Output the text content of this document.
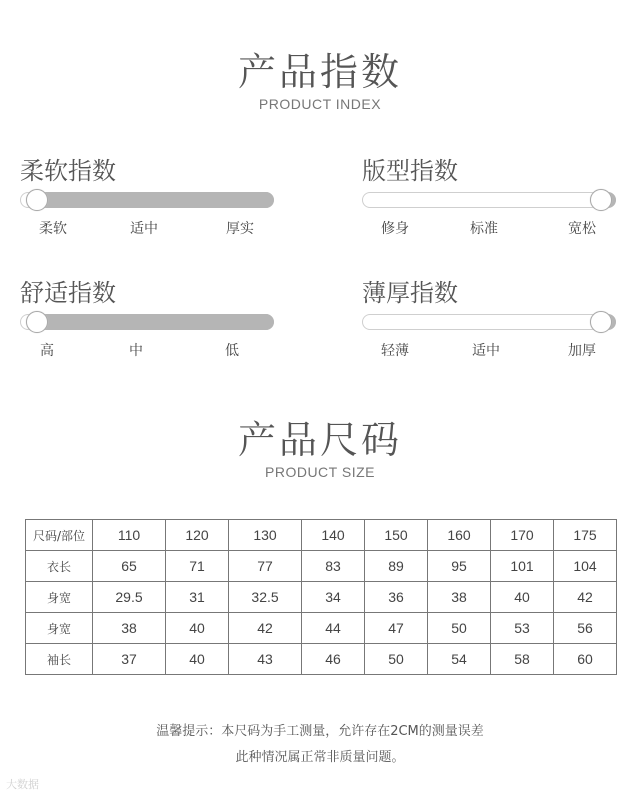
产品指数
PRODUCT INDEX
柔软指数
柔软	适中	厚实
版型指数
修身	标准	宽松
舒适指数
高	中	低
薄厚指数
轻薄	适中	加厚
产品尺码
PRODUCT SIZE
尺码/部位	110	120	130	140	150	160	170	175
衣长	65	71	77	83	89	95	101	104
身宽	29.5	31	32.5	34	36	38	40	42
身宽	38	40	42	44	47	50	53	56
袖长	37	40	43	46	50	54	58	60
温馨提示：本尺码为手工测量，允许存在2CM的测量误差
此种情况属正常非质量问题。
大数据
